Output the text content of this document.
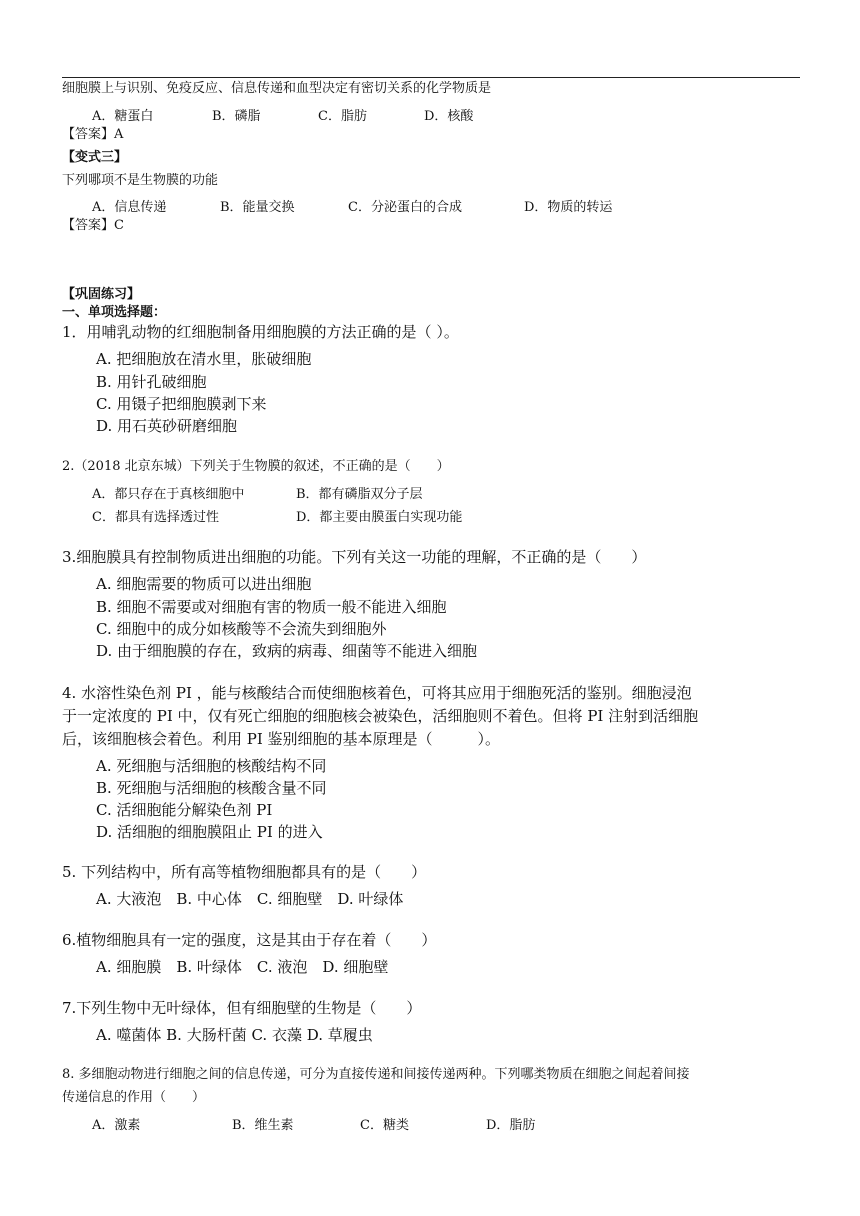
细胞膜上与识别、免疫反应、信息传递和血型决定有密切关系的化学物质是
A．糖蛋白	B．磷脂	C．脂肪	D．核酸
【答案】A
【变式三】
下列哪项不是生物膜的功能
A．信息传递	B．能量交换	C．分泌蛋白的合成	D．物质的转运
【答案】C
【巩固练习】
一、单项选择题：
1．用哺乳动物的红细胞制备用细胞膜的方法正确的是（ ）。
A. 把细胞放在清水里，胀破细胞
B. 用针孔破细胞
C. 用镊子把细胞膜剥下来
D. 用石英砂研磨细胞
2.（2018 北京东城）下列关于生物膜的叙述，不正确的是（　　）
A．都只存在于真核细胞中	B．都有磷脂双分子层
C．都具有选择透过性	D．都主要由膜蛋白实现功能
3.细胞膜具有控制物质进出细胞的功能。下列有关这一功能的理解，不正确的是（　　）
A. 细胞需要的物质可以进出细胞
B. 细胞不需要或对细胞有害的物质一般不能进入细胞
C. 细胞中的成分如核酸等不会流失到细胞外
D. 由于细胞膜的存在，致病的病毒、细菌等不能进入细胞
4. 水溶性染色剂 PI ，能与核酸结合而使细胞核着色，可将其应用于细胞死活的鉴别。细胞浸泡
于一定浓度的 PI 中，仅有死亡细胞的细胞核会被染色，活细胞则不着色。但将 PI 注射到活细胞
后，该细胞核会着色。利用 PI 鉴别细胞的基本原理是（　　　）。
A. 死细胞与活细胞的核酸结构不同
B. 死细胞与活细胞的核酸含量不同
C. 活细胞能分解染色剂 PI
D. 活细胞的细胞膜阻止 PI 的进入
5. 下列结构中，所有高等植物细胞都具有的是（　　）
A. 大液泡　B. 中心体　C. 细胞壁　D. 叶绿体
6.植物细胞具有一定的强度，这是其由于存在着（　　）
A. 细胞膜　B. 叶绿体　C. 液泡　D. 细胞壁
7.下列生物中无叶绿体，但有细胞壁的生物是（　　）
A. 噬菌体 B. 大肠杆菌 C. 衣藻 D. 草履虫
8. 多细胞动物进行细胞之间的信息传递，可分为直接传递和间接传递两种。下列哪类物质在细胞之间起着间接
传递信息的作用（　　）
A．激素	B．维生素	C．糖类	D．脂肪
